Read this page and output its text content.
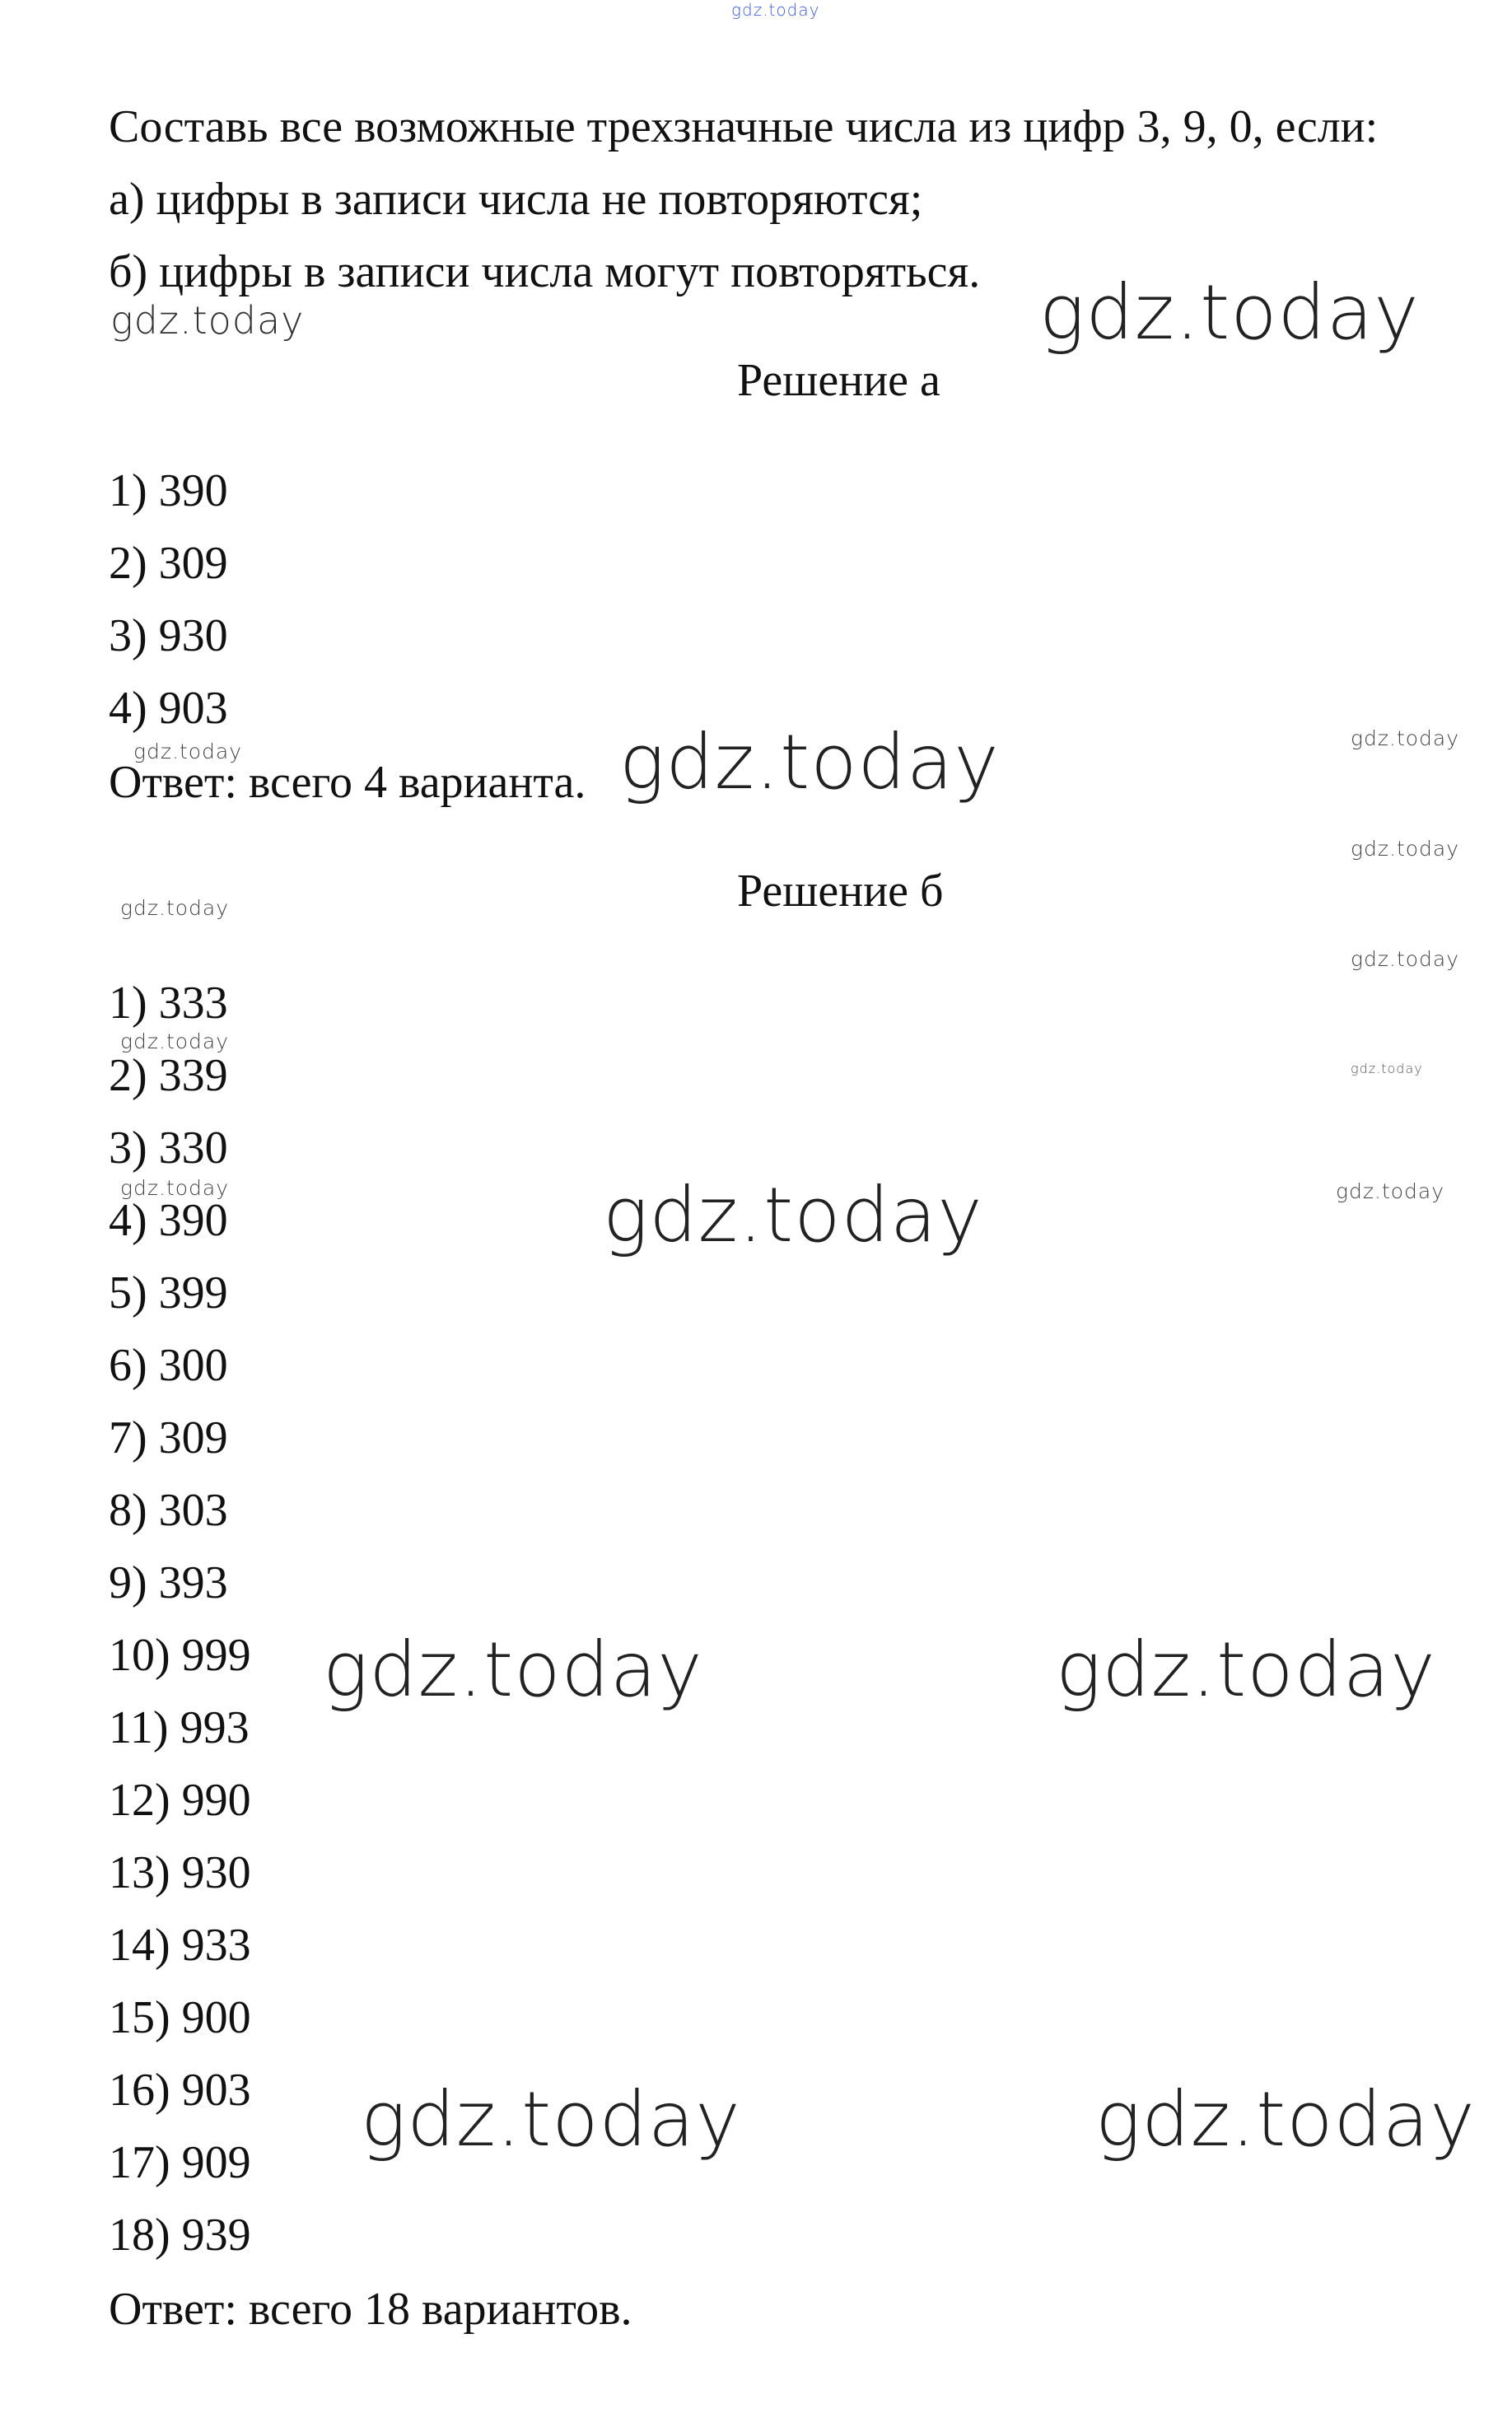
gdz.today
Составь все возможные трехзначные числа из цифр 3, 9, 0, если:
а) цифры в записи числа не повторяются;
б) цифры в записи числа могут повторяться.
Решение а
1) 390
2) 309
3) 930
4) 903
Ответ: всего 4 варианта.
Решение б
1) 333
2) 339
3) 330
4) 390
5) 399
6) 300
7) 309
8) 303
9) 393
10) 999
11) 993
12) 990
13) 930
14) 933
15) 900
16) 903
17) 909
18) 939
Ответ: всего 18 вариантов.
gdz.today
gdz.today
gdz.today
gdz.today
gdz.today
gdz.today
gdz.today
gdz.today
gdz.today
gdz.today
gdz.today	gdz.today	gdz.today
gdz.today	gdz.today
gdz.today	gdz.today
